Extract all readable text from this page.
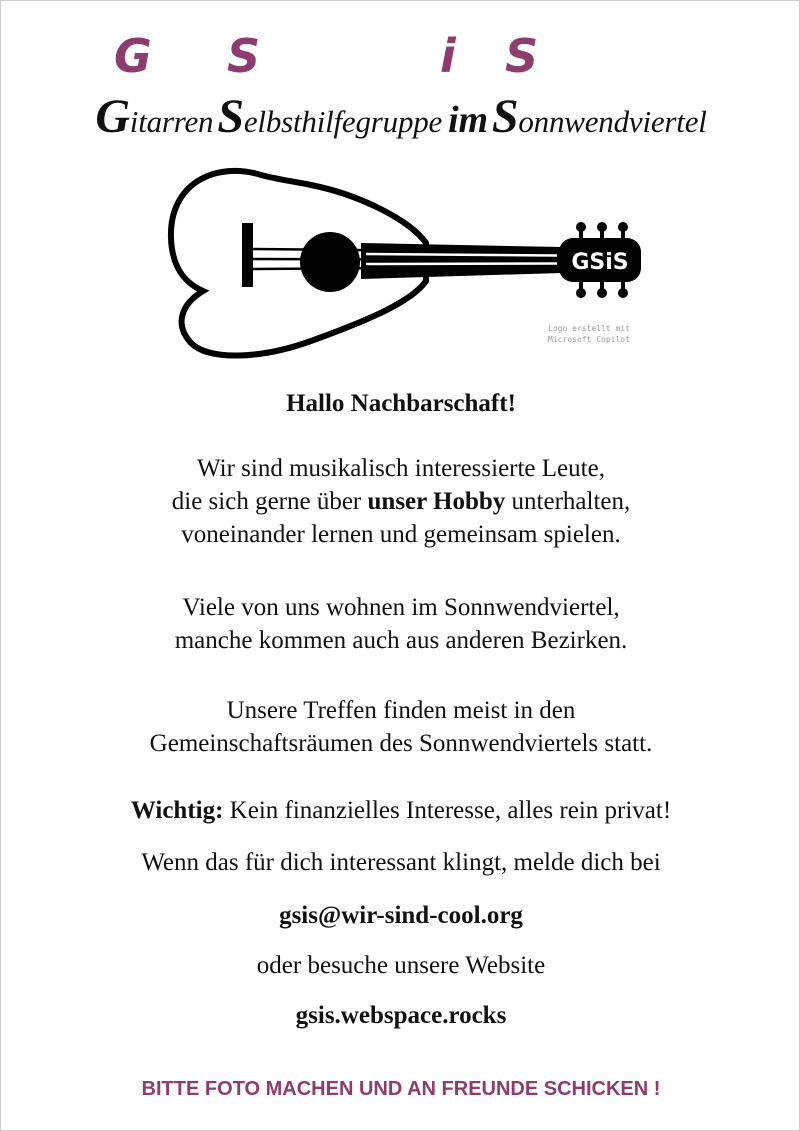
G S	i S
GitarrenSelbsthilfegruppe imSonnwendviertel
GSiS
Logo erstellt mit
Microsoft Copilot
Hallo Nachbarschaft!
Wir sind musikalisch interessierte Leute,
die sich gerne über unser Hobby unterhalten,
voneinander lernen und gemeinsam spielen.
Viele von uns wohnen im Sonnwendviertel,
manche kommen auch aus anderen Bezirken.
Unsere Treffen finden meist in den
Gemeinschaftsräumen des Sonnwendviertels statt.
Wichtig: Kein finanzielles Interesse, alles rein privat!
Wenn das für dich interessant klingt, melde dich bei
gsis@wir-sind-cool.org
oder besuche unsere Website
gsis.webspace.rocks
BITTE FOTO MACHEN UND AN FREUNDE SCHICKEN !
